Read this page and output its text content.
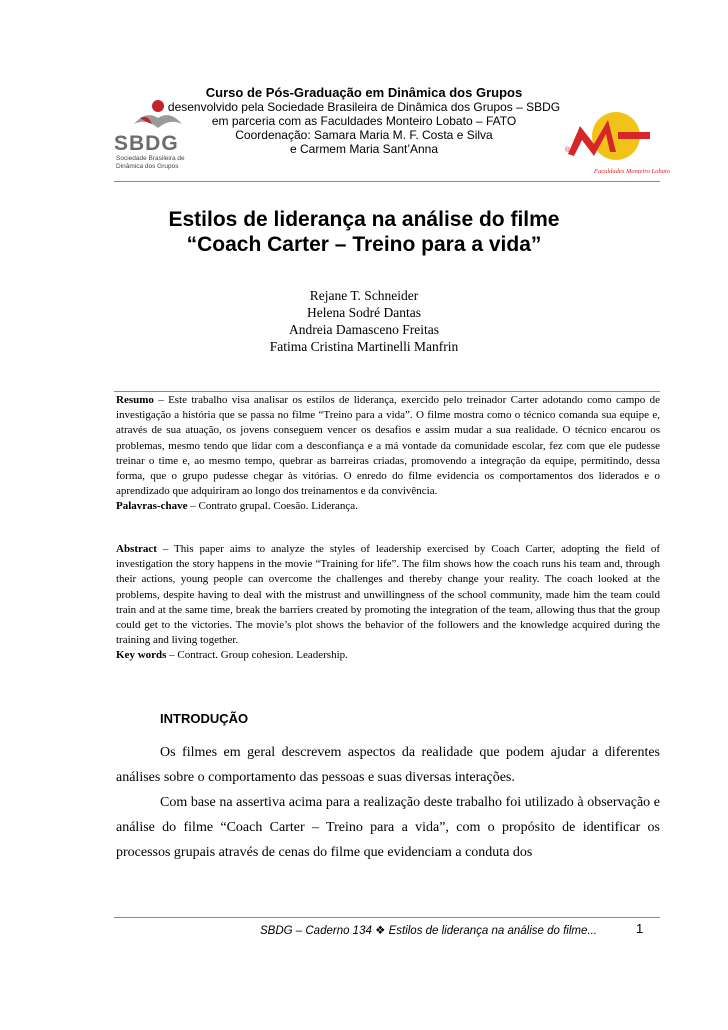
SBDG
Sociedade Brasileira de
Dinâmica dos Grupos
Curso de Pós-Graduação em Dinâmica dos Grupos
desenvolvido pela Sociedade Brasileira de Dinâmica dos Grupos – SBDG
em parceria com as Faculdades Monteiro Lobato – FATO
Coordenação: Samara Maria M. F. Costa e Silva
e Carmem Maria Sant’Anna	®
Faculdades Monteiro Lobato
Estilos de liderança na análise do filme
“Coach Carter – Treino para a vida”
Rejane T. Schneider
Helena Sodré Dantas
Andreia Damasceno Freitas
Fatima Cristina Martinelli Manfrin
Resumo – Este trabalho visa analisar os estilos de liderança, exercido pelo treinador Carter adotando como campo de investigação a história que se passa no filme “Treino para a vida”. O filme mostra como o técnico comanda sua equipe e, através de sua atuação, os jovens conseguem vencer os desafios e assim mudar a sua realidade. O técnico encarou os problemas, mesmo tendo que lidar com a desconfiança e a má vontade da comunidade escolar, fez com que ele pudesse treinar o time e, ao mesmo tempo, quebrar as barreiras criadas, promovendo a integração da equipe, permitindo, dessa forma, que o grupo pudesse chegar às vitórias. O enredo do filme evidencia os comportamentos dos liderados e o aprendizado que adquiriram ao longo dos treinamentos e da convivência.
Palavras-chave – Contrato grupal. Coesão. Liderança.
Abstract – This paper aims to analyze the styles of leadership exercised by Coach Carter, adopting the field of investigation the story happens in the movie “Training for life”. The film shows how the coach runs his team and, through their actions, young people can overcome the challenges and thereby change your reality. The coach looked at the problems, despite having to deal with the mistrust and unwillingness of the school community, made him the team could train and at the same time, break the barriers created by promoting the integration of the team, allowing thus that the group could get to the victories. The movie’s plot shows the behavior of the followers and the knowledge acquired during the training and living together.
Key words – Contract. Group cohesion. Leadership.
INTRODUÇÃO
Os filmes em geral descrevem aspectos da realidade que podem ajudar a diferentes análises sobre o comportamento das pessoas e suas diversas interações.
Com base na assertiva acima para a realização deste trabalho foi utilizado à observação e análise do filme “Coach Carter – Treino para a vida”, com o propósito de identificar os processos grupais através de cenas do filme que evidenciam a conduta dos
SBDG – Caderno 134 ❖ Estilos de liderança na análise do filme...	1
